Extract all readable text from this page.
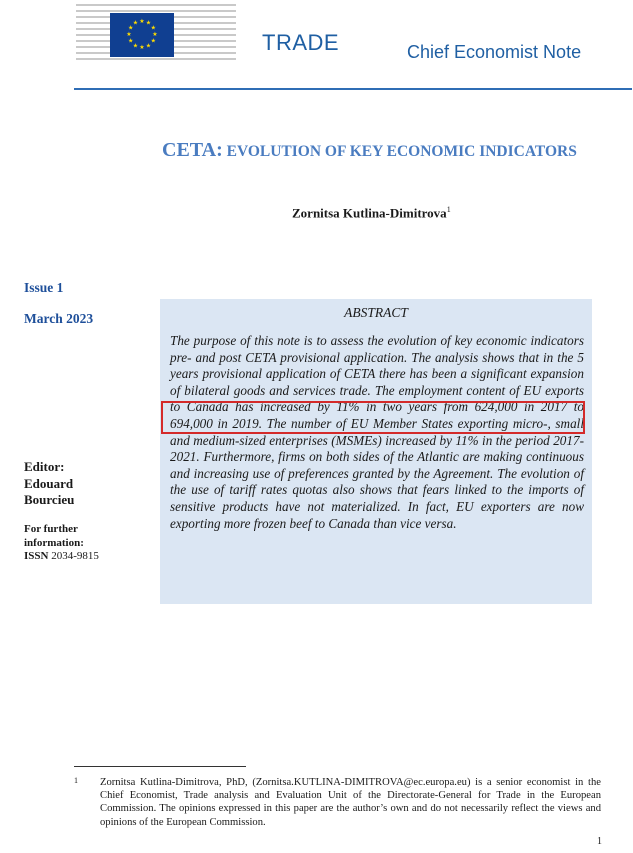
★ ★
★
★
★
★
★
★
★
★
★
★
TRADE	Chief Economist Note
CETA: EVOLUTION OF KEY ECONOMIC INDICATORS
Zornitsa Kutlina-Dimitrova$^1$
Issue 1
March 2023
Editor:
Edouard
Bourcieu
For further
information:
ISSN 2034-9815
ABSTRACT
The purpose of this note is to assess the evolution of key economic indicators pre- and post CETA provisional application. The analysis shows that in the 5 years provisional application of CETA there has been a significant expansion of bilateral goods and services trade. The employment content of EU exports to Canada has increased by 11% in two years from 624,000 in 2017 to 694,000 in 2019. The number of EU Member States exporting micro-, small and medium-sized enterprises (MSMEs) increased by 11% in the period 2017-2021. Furthermore, firms on both sides of the Atlantic are making continuous and increasing use of preferences granted by the Agreement. The evolution of the use of tariff rates quotas also shows that fears linked to the imports of sensitive products have not materialized. In fact, EU exporters are now exporting more frozen beef to Canada than vice versa.
1 Zornitsa Kutlina-Dimitrova, PhD, (Zornitsa.KUTLINA-DIMITROVA@ec.europa.eu) is a senior economist in the Chief Economist, Trade analysis and Evaluation Unit of the Directorate-General for Trade in the European Commission. The opinions expressed in this paper are the author’s own and do not necessarily reflect the views and opinions of the European Commission.
1
